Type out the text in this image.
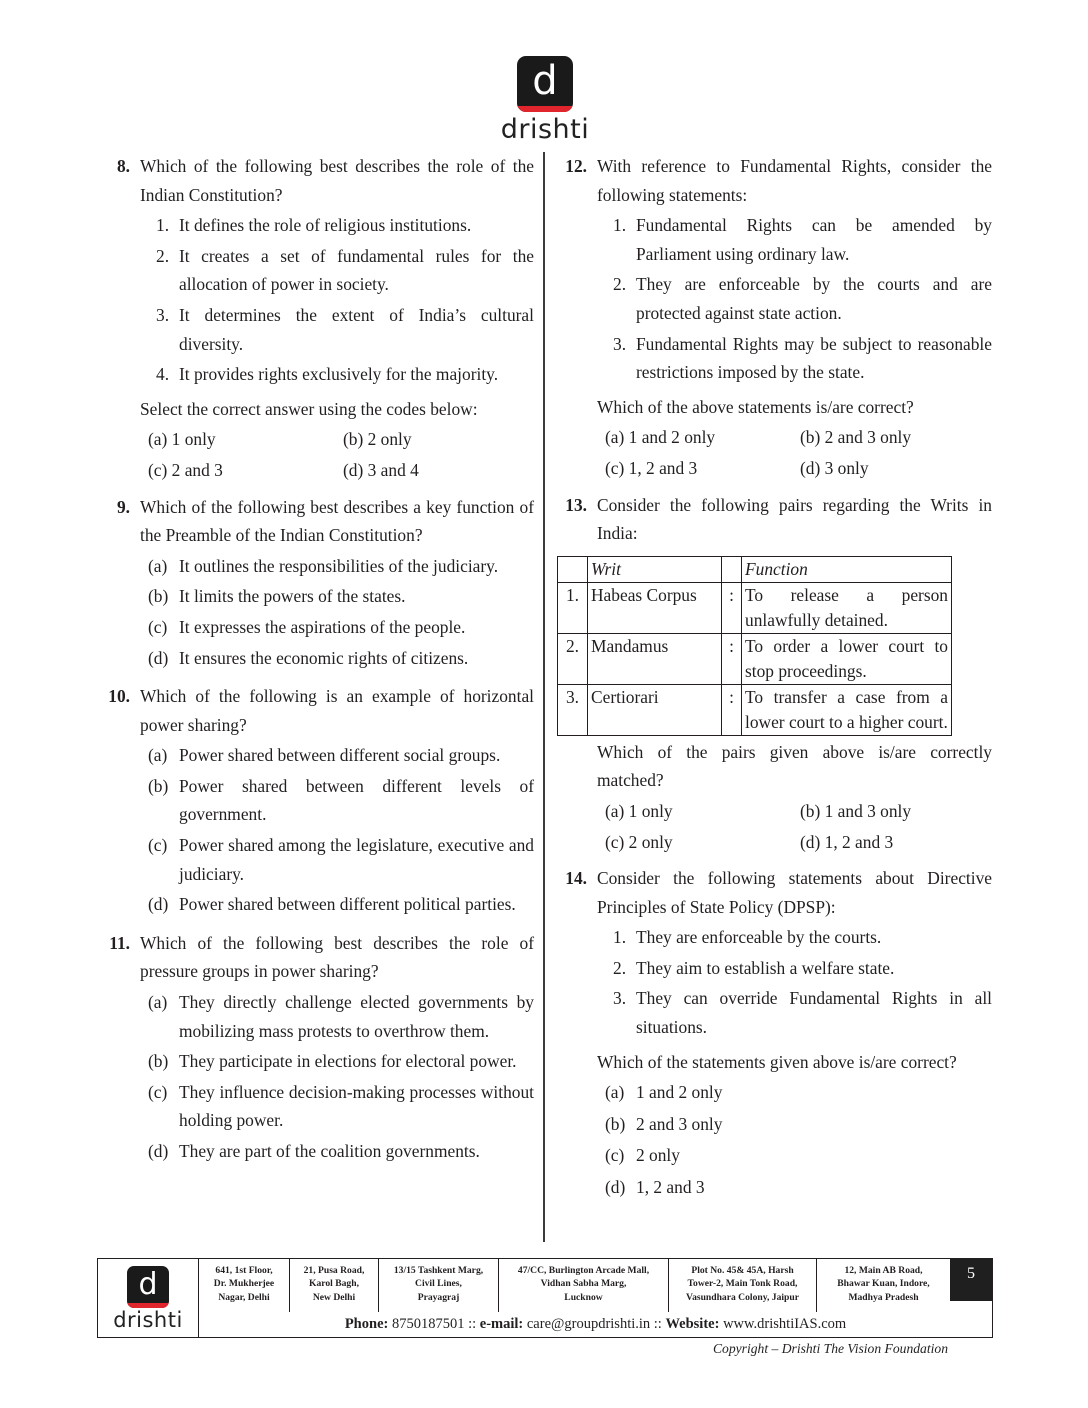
d
drishti
8. Which of the following best describes the role of the Indian Constitution?
1. It defines the role of religious institutions.
2. It creates a set of fundamental rules for the allocation of power in society.
3. It determines the extent of India’s cultural diversity.
4. It provides rights exclusively for the majority.
Select the correct answer using the codes below:
(a) 1 only	(b) 2 only
(c) 2 and 3	(d) 3 and 4
9. Which of the following best describes a key function of the Preamble of the Indian Constitution?
(a) It outlines the responsibilities of the judiciary.
(b) It limits the powers of the states.
(c) It expresses the aspirations of the people.
(d) It ensures the economic rights of citizens.
10. Which of the following is an example of horizontal power sharing?
(a) Power shared between different social groups.
(b) Power shared between different levels of government.
(c) Power shared among the legislature, executive and judiciary.
(d) Power shared between different political parties.
11. Which of the following best describes the role of pressure groups in power sharing?
(a) They directly challenge elected governments by mobilizing mass protests to overthrow them.
(b) They participate in elections for electoral power.
(c) They influence decision-making processes without holding power.
(d) They are part of the coalition governments.
12. With reference to Fundamental Rights, consider the following statements:
1. Fundamental Rights can be amended by Parliament using ordinary law.
2. They are enforceable by the courts and are protected against state action.
3. Fundamental Rights may be subject to reasonable restrictions imposed by the state.
Which of the above statements is/are correct?
(a) 1 and 2 only	(b) 2 and 3 only
(c) 1, 2 and 3	(d) 3 only
13. Consider the following pairs regarding the Writs in India:
	Writ		Function
1.	Habeas Corpus	:	To release a person unlawfully detained.
2.	Mandamus	:	To order a lower court to stop proceedings.
3.	Certiorari	:	To transfer a case from a lower court to a higher court.
Which of the pairs given above is/are correctly matched?
(a) 1 only	(b) 1 and 3 only
(c) 2 only	(d) 1, 2 and 3
14. Consider the following statements about Directive Principles of State Policy (DPSP):
1. They are enforceable by the courts.
2. They aim to establish a welfare state.
3. They can override Fundamental Rights in all situations.
Which of the statements given above is/are correct?
(a) 1 and 2 only
(b) 2 and 3 only
(c) 2 only
(d) 1, 2 and 3
d
drishti
641, 1st Floor,
Dr. Mukherjee
Nagar, Delhi
21, Pusa Road,
Karol Bagh,
New Delhi
13/15 Tashkent Marg,
Civil Lines,
Prayagraj
47/CC, Burlington Arcade Mall,
Vidhan Sabha Marg,
Lucknow
Plot No. 45& 45A, Harsh
Tower-2, Main Tonk Road,
Vasundhara Colony, Jaipur
12, Main AB Road,
Bhawar Kuan, Indore,
Madhya Pradesh
5
Phone: 8750187501 :: e-mail: care@groupdrishti.in :: Website: www.drishtiIAS.com
Copyright – Drishti The Vision Foundation
